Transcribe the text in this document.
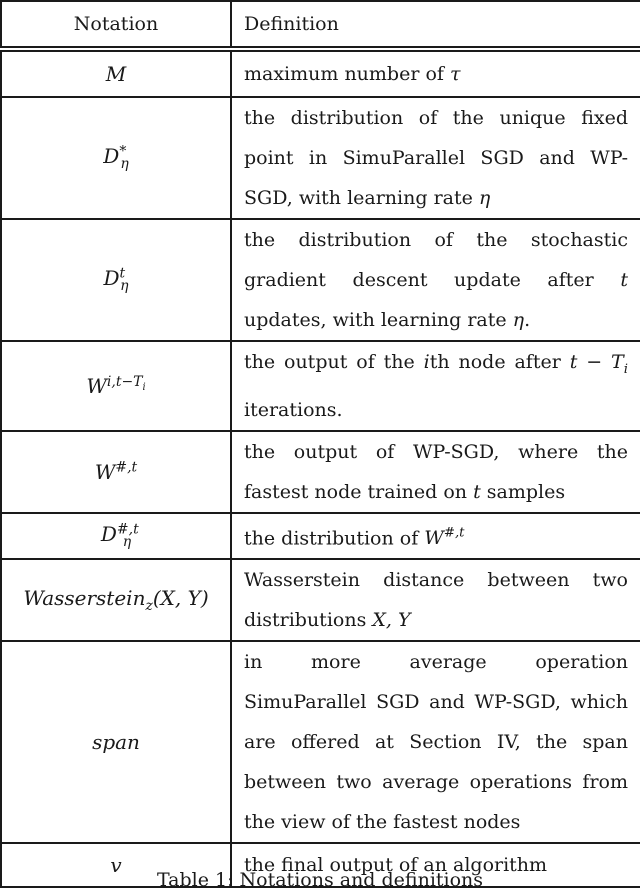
Notation	Definition

M	maximum number of τ
$D^*_\eta$	the distribution of the unique fixed point in SimuParallel SGD and WP-SGD, with learning rate η
$D^t_\eta$	the distribution of the stochastic gradient descent update after t updates, with learning rate η.
$W^{i,t-T_i}$	the output of the ith node after $t - T_i$ iterations.
$W^{\#,t}$	the output of WP-SGD, where the fastest node trained on t samples
$D^{\#,t}_\eta$	the distribution of $W^{\#,t}$
Wasserstein$_z$(X, Y)	Wasserstein distance between two distributions X, Y
span	in more average operation SimuParallel SGD and WP-SGD, which are offered at Section IV, the span between two average operations from the view of the fastest nodes
v	the final output of an algorithm
Table 1: Notations and definitions
